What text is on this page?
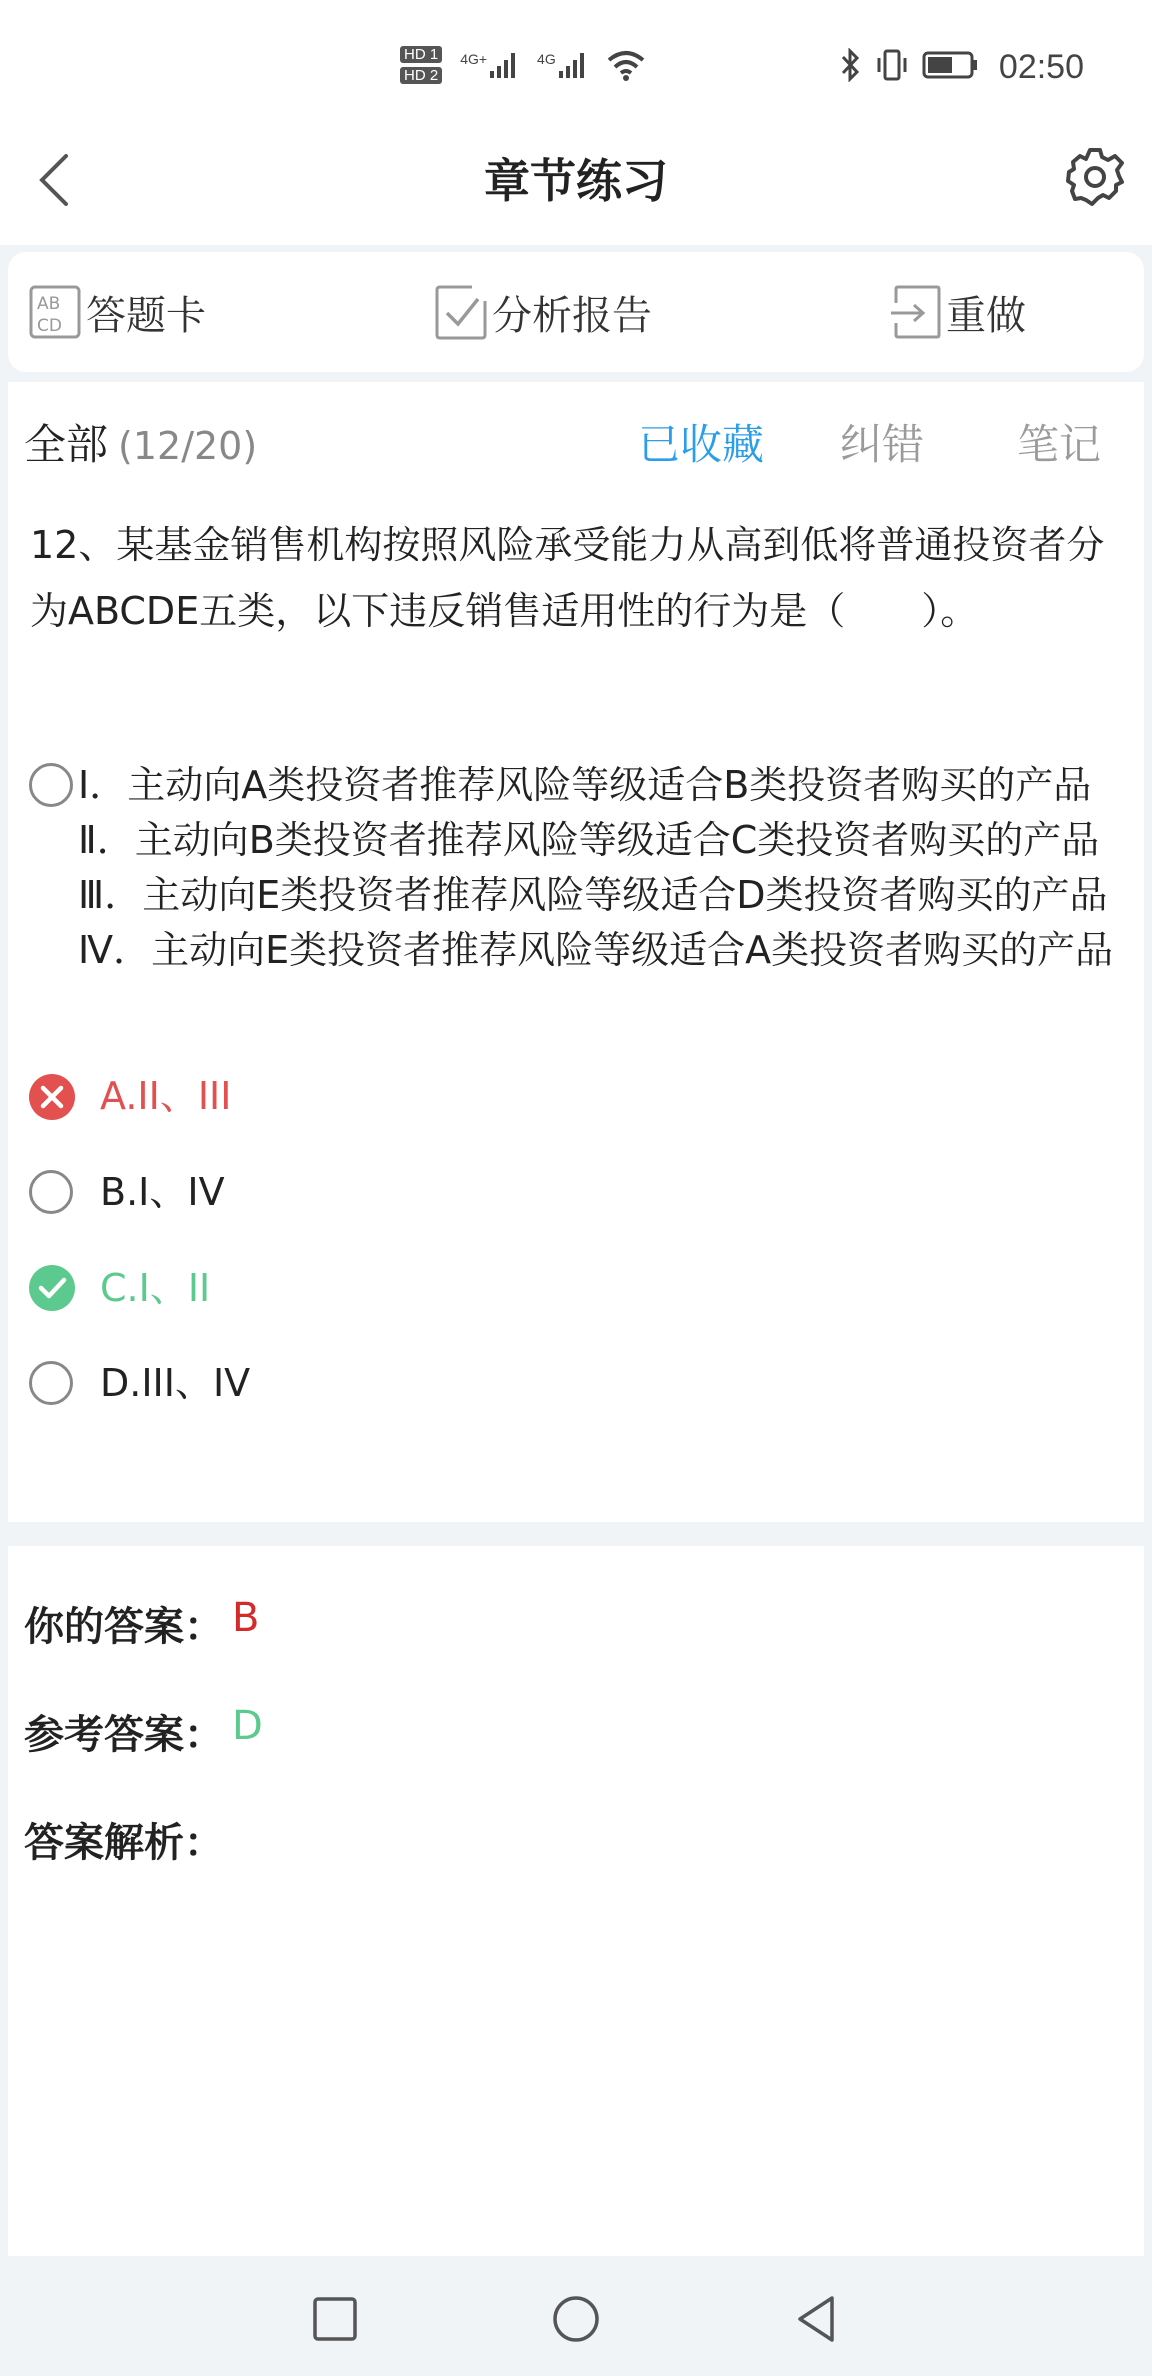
HD 1
HD 2
4G+	4G	02:50
章节练习
AB
CD 答题卡	分析报告	重做
全部 (12/20)	已收藏 纠错 笔记
12、某基金销售机构按照风险承受能力从高到低将普通投资者分为ABCDE五类，以下违反销售适用性的行为是（　　）。
Ⅰ．主动向A类投资者推荐风险等级适合B类投资者购买的产品Ⅱ．主动向B类投资者推荐风险等级适合C类投资者购买的产品Ⅲ．主动向E类投资者推荐风险等级适合D类投资者购买的产品Ⅳ．主动向E类投资者推荐风险等级适合A类投资者购买的产品
A.II、III
B.I、IV
C.I、II
D.III、IV
你的答案： B
参考答案： D
答案解析：
